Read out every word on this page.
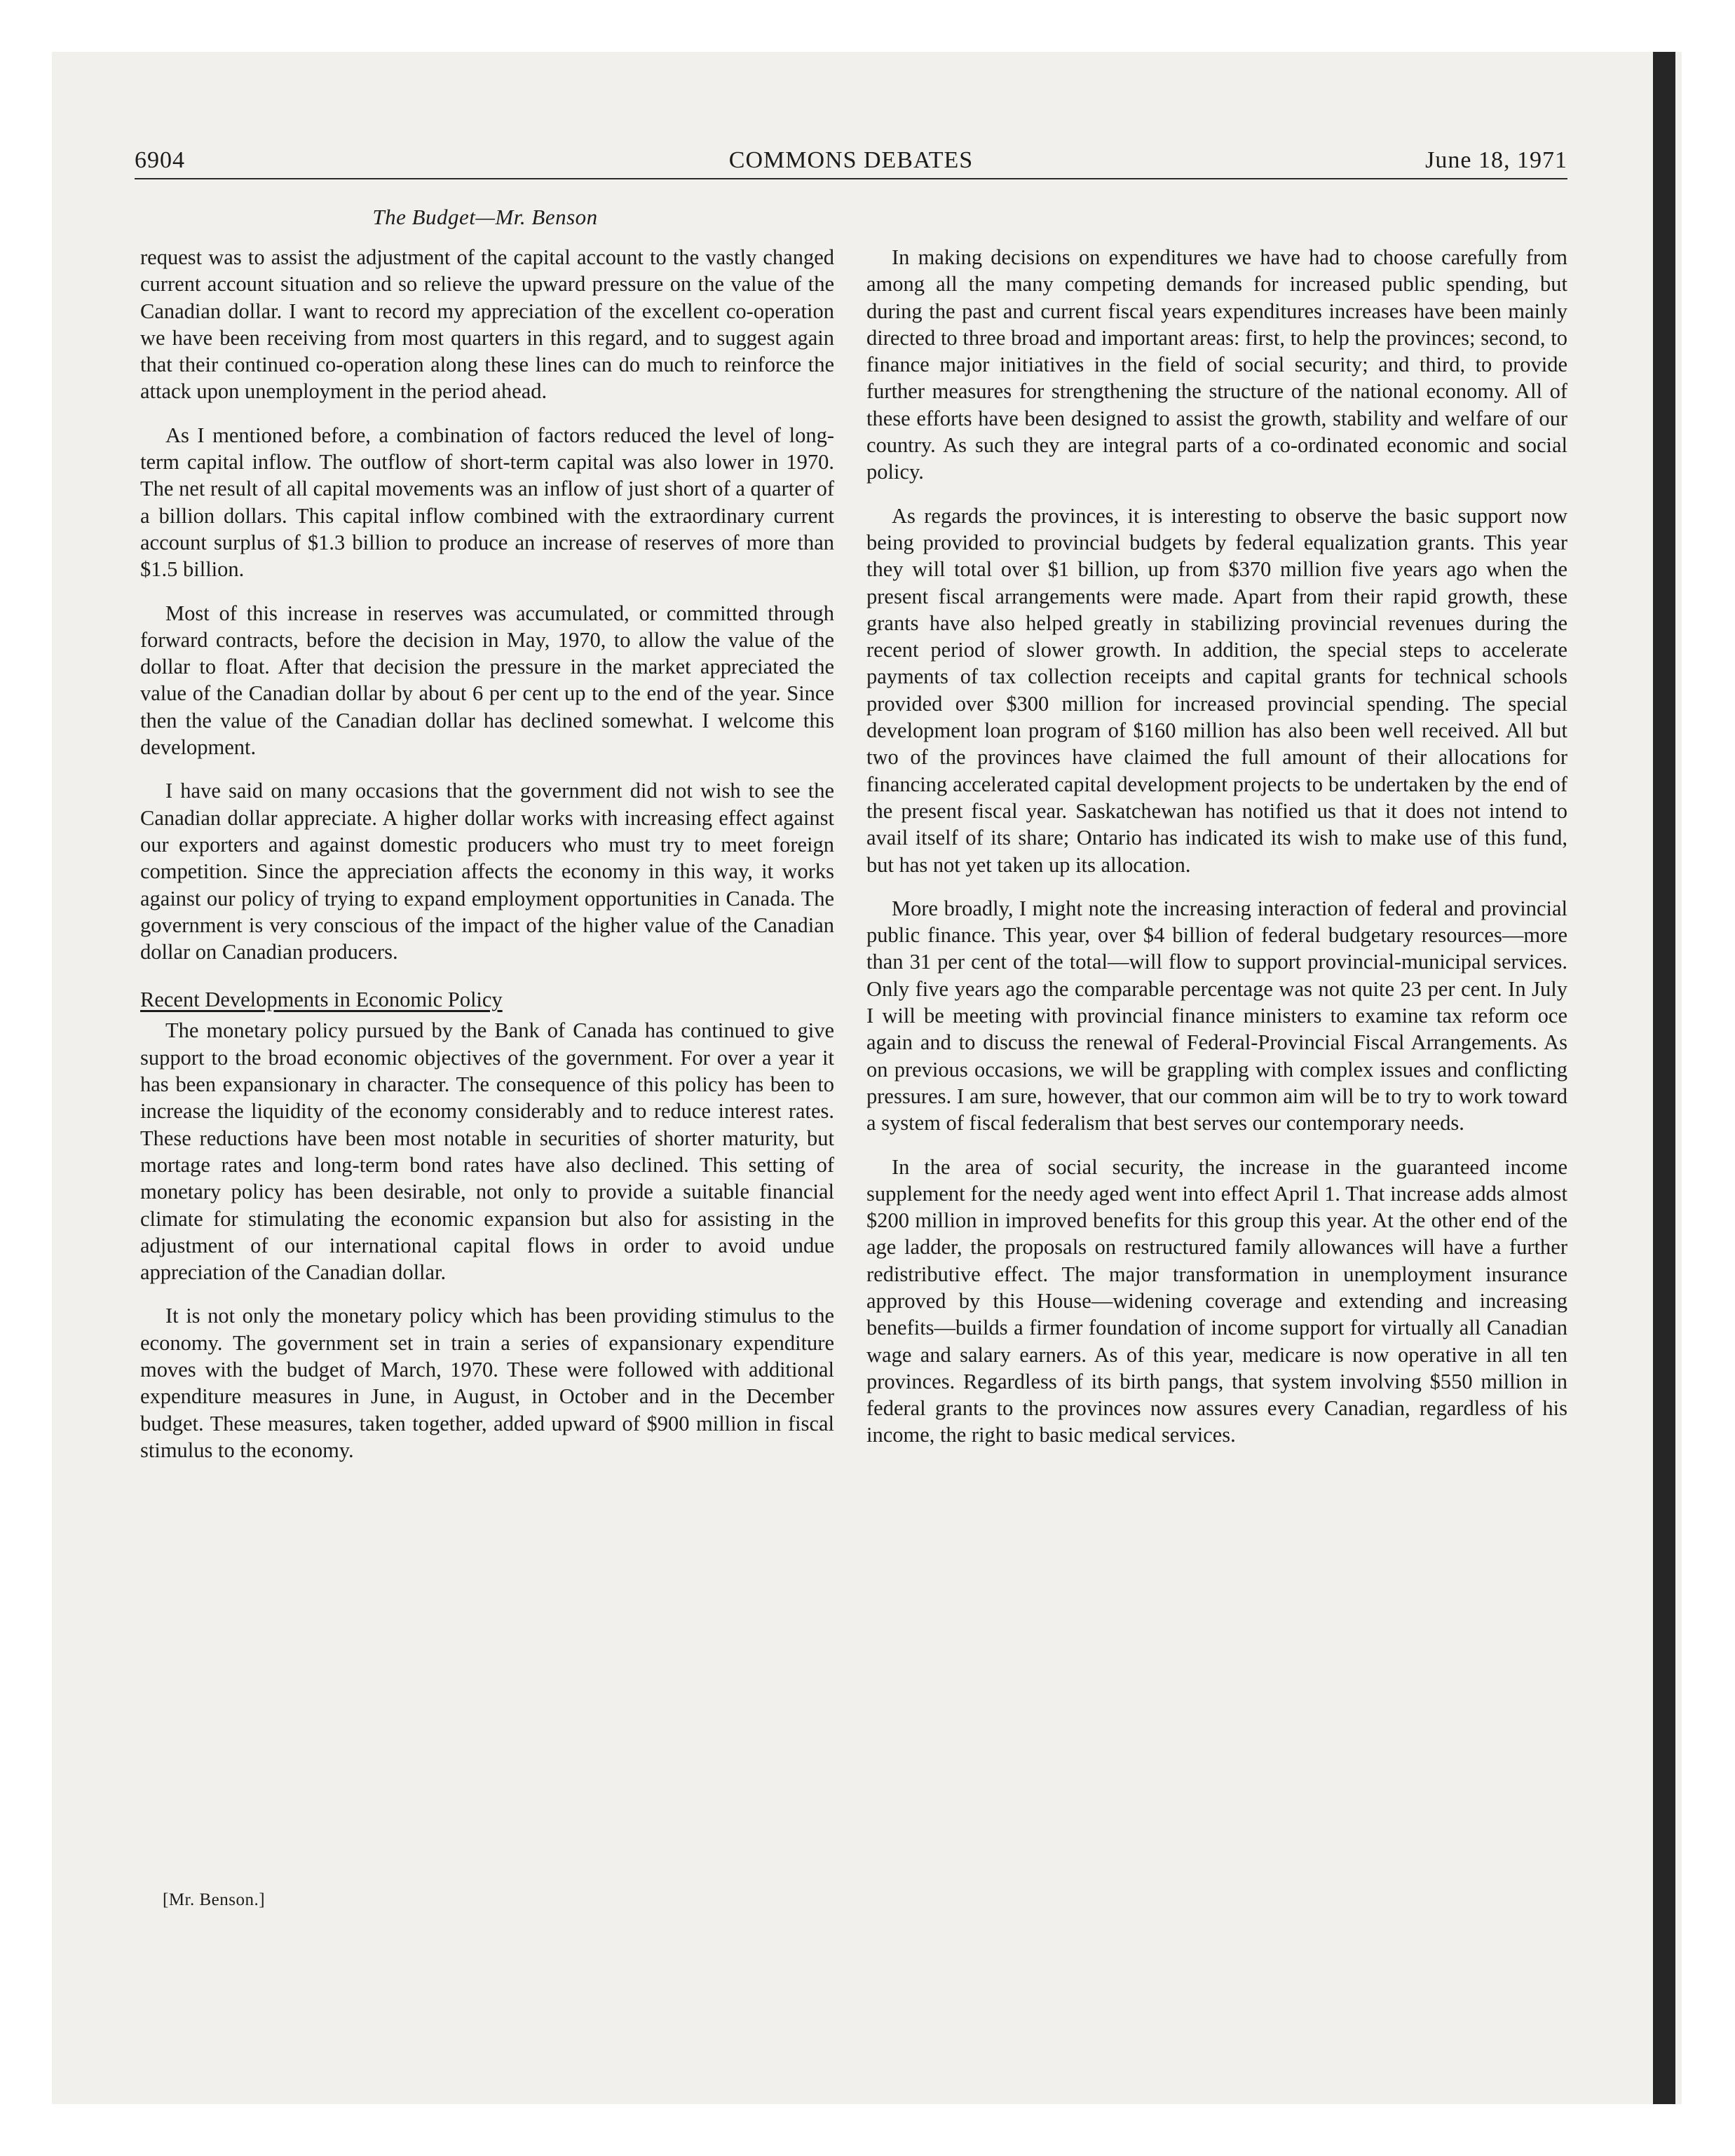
6904	COMMONS DEBATES	June 18, 1971
The Budget—Mr. Benson

request was to assist the adjustment of the capital account to the vastly changed current account situation and so relieve the upward pressure on the value of the Canadian dollar. I want to record my appreciation of the excellent co-operation we have been receiving from most quarters in this regard, and to suggest again that their continued co-operation along these lines can do much to reinforce the attack upon unemployment in the period ahead.

As I mentioned before, a combination of factors reduced the level of long-term capital inflow. The outflow of short-term capital was also lower in 1970. The net result of all capital movements was an inflow of just short of a quarter of a billion dollars. This capital inflow combined with the extraordinary current account surplus of $1.3 billion to produce an increase of reserves of more than $1.5 billion.

Most of this increase in reserves was accumulated, or committed through forward contracts, before the decision in May, 1970, to allow the value of the dollar to float. After that decision the pressure in the market appreciated the value of the Canadian dollar by about 6 per cent up to the end of the year. Since then the value of the Canadian dollar has declined somewhat. I welcome this development.

I have said on many occasions that the government did not wish to see the Canadian dollar appreciate. A higher dollar works with increasing effect against our exporters and against domestic producers who must try to meet foreign competition. Since the appreciation affects the economy in this way, it works against our policy of trying to expand employment opportunities in Canada. The government is very conscious of the impact of the higher value of the Canadian dollar on Canadian producers.

Recent Developments in Economic Policy

The monetary policy pursued by the Bank of Canada has continued to give support to the broad economic objectives of the government. For over a year it has been expansionary in character. The consequence of this policy has been to increase the liquidity of the economy considerably and to reduce interest rates. These reductions have been most notable in securities of shorter maturity, but mortage rates and long-term bond rates have also declined. This setting of monetary policy has been desirable, not only to provide a suitable financial climate for stimulating the economic expansion but also for assisting in the adjustment of our international capital flows in order to avoid undue appreciation of the Canadian dollar.

It is not only the monetary policy which has been providing stimulus to the economy. The government set in train a series of expansionary expenditure moves with the budget of March, 1970. These were followed with additional expenditure measures in June, in August, in October and in the December budget. These measures, taken together, added upward of $900 million in fiscal stimulus to the economy.

In making decisions on expenditures we have had to choose carefully from among all the many competing demands for increased public spending, but during the past and current fiscal years expenditures increases have been mainly directed to three broad and important areas: first, to help the provinces; second, to finance major initiatives in the field of social security; and third, to provide further measures for strengthening the structure of the national economy. All of these efforts have been designed to assist the growth, stability and welfare of our country. As such they are integral parts of a co-ordinated economic and social policy.

As regards the provinces, it is interesting to observe the basic support now being provided to provincial budgets by federal equalization grants. This year they will total over $1 billion, up from $370 million five years ago when the present fiscal arrangements were made. Apart from their rapid growth, these grants have also helped greatly in stabilizing provincial revenues during the recent period of slower growth. In addition, the special steps to accelerate payments of tax collection receipts and capital grants for technical schools provided over $300 million for increased provincial spending. The special development loan program of $160 million has also been well received. All but two of the provinces have claimed the full amount of their allocations for financing accelerated capital development projects to be undertaken by the end of the present fiscal year. Saskatchewan has notified us that it does not intend to avail itself of its share; Ontario has indicated its wish to make use of this fund, but has not yet taken up its allocation.

More broadly, I might note the increasing interaction of federal and provincial public finance. This year, over $4 billion of federal budgetary resources—more than 31 per cent of the total—will flow to support provincial-municipal services. Only five years ago the comparable percentage was not quite 23 per cent. In July I will be meeting with provincial finance ministers to examine tax reform oce again and to discuss the renewal of Federal-Provincial Fiscal Arrangements. As on previous occasions, we will be grappling with complex issues and conflicting pressures. I am sure, however, that our common aim will be to try to work toward a system of fiscal federalism that best serves our contemporary needs.

In the area of social security, the increase in the guaranteed income supplement for the needy aged went into effect April 1. That increase adds almost $200 million in improved benefits for this group this year. At the other end of the age ladder, the proposals on restructured family allowances will have a further redistributive effect. The major transformation in unemployment insurance approved by this House—widening coverage and extending and increasing benefits—builds a firmer foundation of income support for virtually all Canadian wage and salary earners. As of this year, medicare is now operative in all ten provinces. Regardless of its birth pangs, that system involving $550 million in federal grants to the provinces now assures every Canadian, regardless of his income, the right to basic medical services.

[Mr. Benson.]
